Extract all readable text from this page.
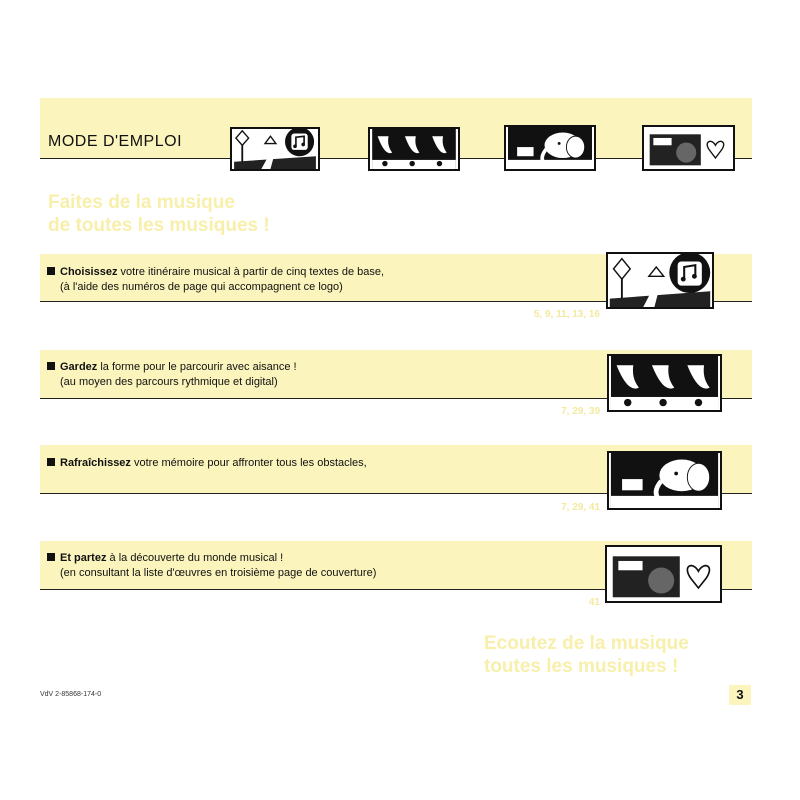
MODE D'EMPLOI
Faites de la musique
de toutes les musiques !
Choisissez votre itinéraire musical à partir de cinq textes de base,
(à l'aide des numéros de page qui accompagnent ce logo)
5, 9, 11, 13, 16
Gardez la forme pour le parcourir avec aisance !
(au moyen des parcours rythmique et digital)
7, 29, 39
Rafraîchissez votre mémoire pour affronter tous les obstacles,
7, 29, 41
Et partez à la découverte du monde musical !
(en consultant la liste d'œuvres en troisième page de couverture)
41
Ecoutez de la musique
toutes les musiques !
VdV 2-85868-174-0	3
